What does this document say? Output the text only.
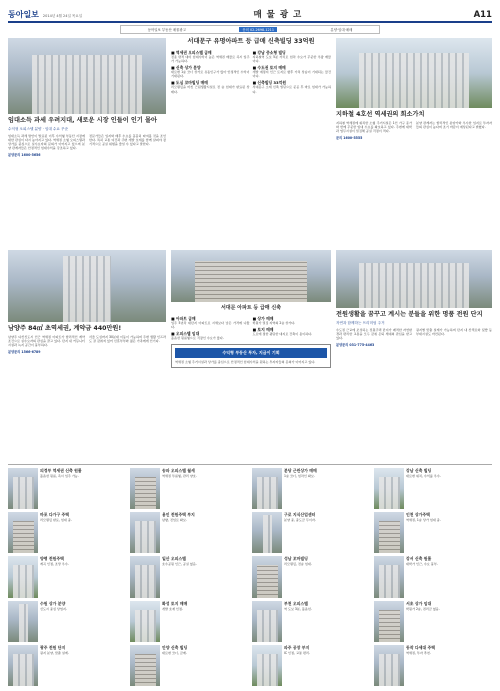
동아일보 2014년 4월 24일 목요일	매 물 광 고	A11
동아일보 부동산 매물광고	문의 02-2698-1211	분양·임대·매매
임대소득 과세 우려지대, 새로운 시장 인들이 인기 몰아
수익형 오피스텔 분양 · 임대 수요 꾸준
임대소득 과세 방안이 발표된 이후 수익형 부동산 시장에 대한 관심이 다시 높아지고 있다. 역세권 소형 오피스텔과 상가를 중심으로 실수요자의 문의가 이어지고 있으며 분양 관계자들은 안정적인 임대수익을 강조하고 있다.
전문가들은 입지와 배후 수요를 꼼꼼히 따져볼 것을 조언한다. 특히 교통 여건과 주변 개발 호재를 함께 살펴야 장기적으로 공실 위험을 줄일 수 있다고 말한다.
분양문의 1600-5656
서대문구 유명아파트 등 급매 신축빌딩 33억원
■ 역세권 오피스텔 급매
전용 면적 대비 임대수익이 높은 역세권 매물로 즉시 입주가 가능하다.
■ 신축 상가 분양
대로변 1층 코너 상가로 유동인구가 많아 안정적인 수익이 기대된다.
■ 도심 꼬마빌딩 매매
리모델링을 마친 근린생활시설로 전 층 임대가 완료된 상태다.
■ 강남 중소형 빌딩
지하철역 도보 5분 거리로 임차 수요가 꾸준한 우량 매물이다.
■ 수도권 토지 매매
개발 예정지 인근 토지로 향후 가치 상승이 기대되는 물건이다.
■ 신축빌딩 33억원
서대문구 소재 신축 빌딩으로 준공 후 바로 임대가 가능하다.
지하철 4호선 역세권의 희소가치
지하철 역세권에 위치한 소형 주거시설은 1인 가구 증가와 함께 꾸준한 임대 수요를 확보하고 있다. 주변에 대학과 업무시설이 밀집해 공실 걱정이 적다.
분양 관계자는 합리적인 분양가와 우수한 입지로 투자자들의 관심이 높다며 조기 마감이 예상된다고 밝혔다.
문의 1600-5555
남양주 84㎡ 초역세권, 계약금 440만원!
남양주 다산신도시 인근 역세권 아파트가 합리적인 계약 조건으로 실수요자의 관심을 끌고 있다. 단지 내 커뮤니티 시설과 녹지 공간이 풍부하다.
서울 도심까지 30분대 이동이 가능하며 주변 생활 인프라도 잘 갖춰져 있어 신혼부부와 젊은 가족에게 인기다.
분양문의 1566-6789
서대문 아파트 등 급매 신축
■ 아파트 급매
입주 5년차 대단지 아파트로 시세보다 낮은 가격에 나왔다.
■ 오피스텔 임대
풀옵션 원룸형으로 직장인 수요가 많다.
■ 상가 매매
학원가 밀집 지역의 2층 상가다.
■ 토지 매매
도로에 접한 평탄한 대지로 건축이 용이하다.
수익형 부동산 투자, 지금이 기회
역세권 소형 주거시설과 상가를 중심으로 안정적인 임대수익을 원하는 투자자들의 문의가 이어지고 있다.
전원생활을 꿈꾸고 계시는 분들을 위한 명품 전원 단지
자연과 함께하는 프리미엄 주거
수도권 근교에 조성되는 전원주택 단지가 쾌적한 자연환경과 편리한 교통을 모두 갖춰 은퇴 세대의 관심을 받고 있다.
필지별 맞춤 설계가 가능하며 단지 내 산책로와 텃밭 등 부대시설도 마련된다.
분양문의 031-775-4463
의정부 역세권 신축 원룸
풀옵션 원룸, 즉시 입주 가능.
송파 오피스텔 월세
역세권 투룸형, 관리 양호.
분당 근린상가 매매
1층 코너, 임차인 확보.
강남 신축 빌딩
대로변 위치, 수익률 우수.
마포 다가구 주택
리모델링 완료, 임대 중.
용인 전원주택 부지
남향, 진입로 확보.
구로 지식산업센터
분양 중, 중도금 무이자.
인천 상가주택
역세권, 1층 상가 임대 중.
양평 전원주택
계곡 인접, 조망 우수.
일산 오피스텔
호수공원 인근, 공실 없음.
성남 꼬마빌딩
리모델링, 전층 임대.
강서 신축 원룸
대학가 인근, 수요 풍부.
수원 상가 분양
신도시 중심 상업지.
화성 토지 매매
개발 호재 인접.
부천 오피스텔
역 도보 3분, 풀옵션.
서초 상가 임대
학원가 2층, 권리금 없음.
광주 전원 단지
필지 분양, 맞춤 설계.
안양 신축 빌딩
대로변 코너, 급매.
파주 공장 부지
IC 인접, 교통 편리.
동작 다세대 주택
역세권, 투자 추천.
